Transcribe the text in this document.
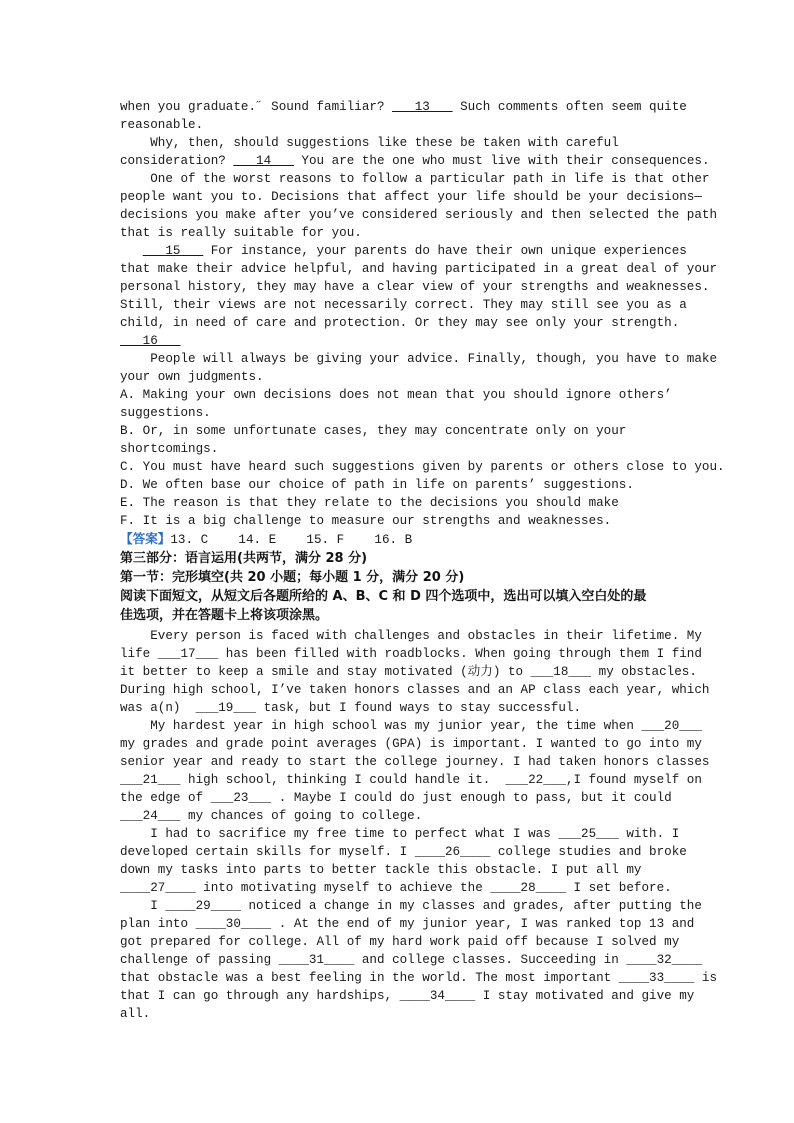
when you graduate.˝ Sound familiar? ___13___ Such comments often seem quite
reasonable.
Why, then, should suggestions like these be taken with careful
consideration? ___14___ You are the one who must live with their consequences.
One of the worst reasons to follow a particular path in life is that other
people want you to. Decisions that affect your life should be your decisions—
decisions you make after you’ve considered seriously and then selected the path
that is really suitable for you.
___15___ For instance, your parents do have their own unique experiences
that make their advice helpful, and having participated in a great deal of your
personal history, they may have a clear view of your strengths and weaknesses.
Still, their views are not necessarily correct. They may still see you as a
child, in need of care and protection. Or they may see only your strength.
___16___
People will always be giving your advice. Finally, though, you have to make
your own judgments.
A. Making your own decisions does not mean that you should ignore others’
suggestions.
B. Or, in some unfortunate cases, they may concentrate only on your
shortcomings.
C. You must have heard such suggestions given by parents or others close to you.
D. We often base our choice of path in life on parents’ suggestions.
E. The reason is that they relate to the decisions you should make
F. It is a big challenge to measure our strengths and weaknesses.
【答案】13. C    14. E    15. F    16. B
第三部分：语言运用(共两节，满分 28 分)
第一节：完形填空(共 20 小题；每小题 1 分，满分 20 分)
阅读下面短文，从短文后各题所给的 A、B、C 和 D 四个选项中，选出可以填入空白处的最
佳选项，并在答题卡上将该项涂黑。
Every person is faced with challenges and obstacles in their lifetime. My
life ___17___ has been filled with roadblocks. When going through them I find
it better to keep a smile and stay motivated (动力) to ___18___ my obstacles.
During high school, I’ve taken honors classes and an AP class each year, which
was a(n)  ___19___ task, but I found ways to stay successful.
My hardest year in high school was my junior year, the time when ___20___
my grades and grade point averages (GPA) is important. I wanted to go into my
senior year and ready to start the college journey. I had taken honors classes
___21___ high school, thinking I could handle it.  ___22___,I found myself on
the edge of ___23___ . Maybe I could do just enough to pass, but it could
___24___ my chances of going to college.
I had to sacrifice my free time to perfect what I was ___25___ with. I
developed certain skills for myself. I ____26____ college studies and broke
down my tasks into parts to better tackle this obstacle. I put all my
____27____ into motivating myself to achieve the ____28____ I set before.
I ____29____ noticed a change in my classes and grades, after putting the
plan into ____30____ . At the end of my junior year, I was ranked top 13 and
got prepared for college. All of my hard work paid off because I solved my
challenge of passing ____31____ and college classes. Succeeding in ____32____
that obstacle was a best feeling in the world. The most important ____33____ is
that I can go through any hardships, ____34____ I stay motivated and give my
all.
